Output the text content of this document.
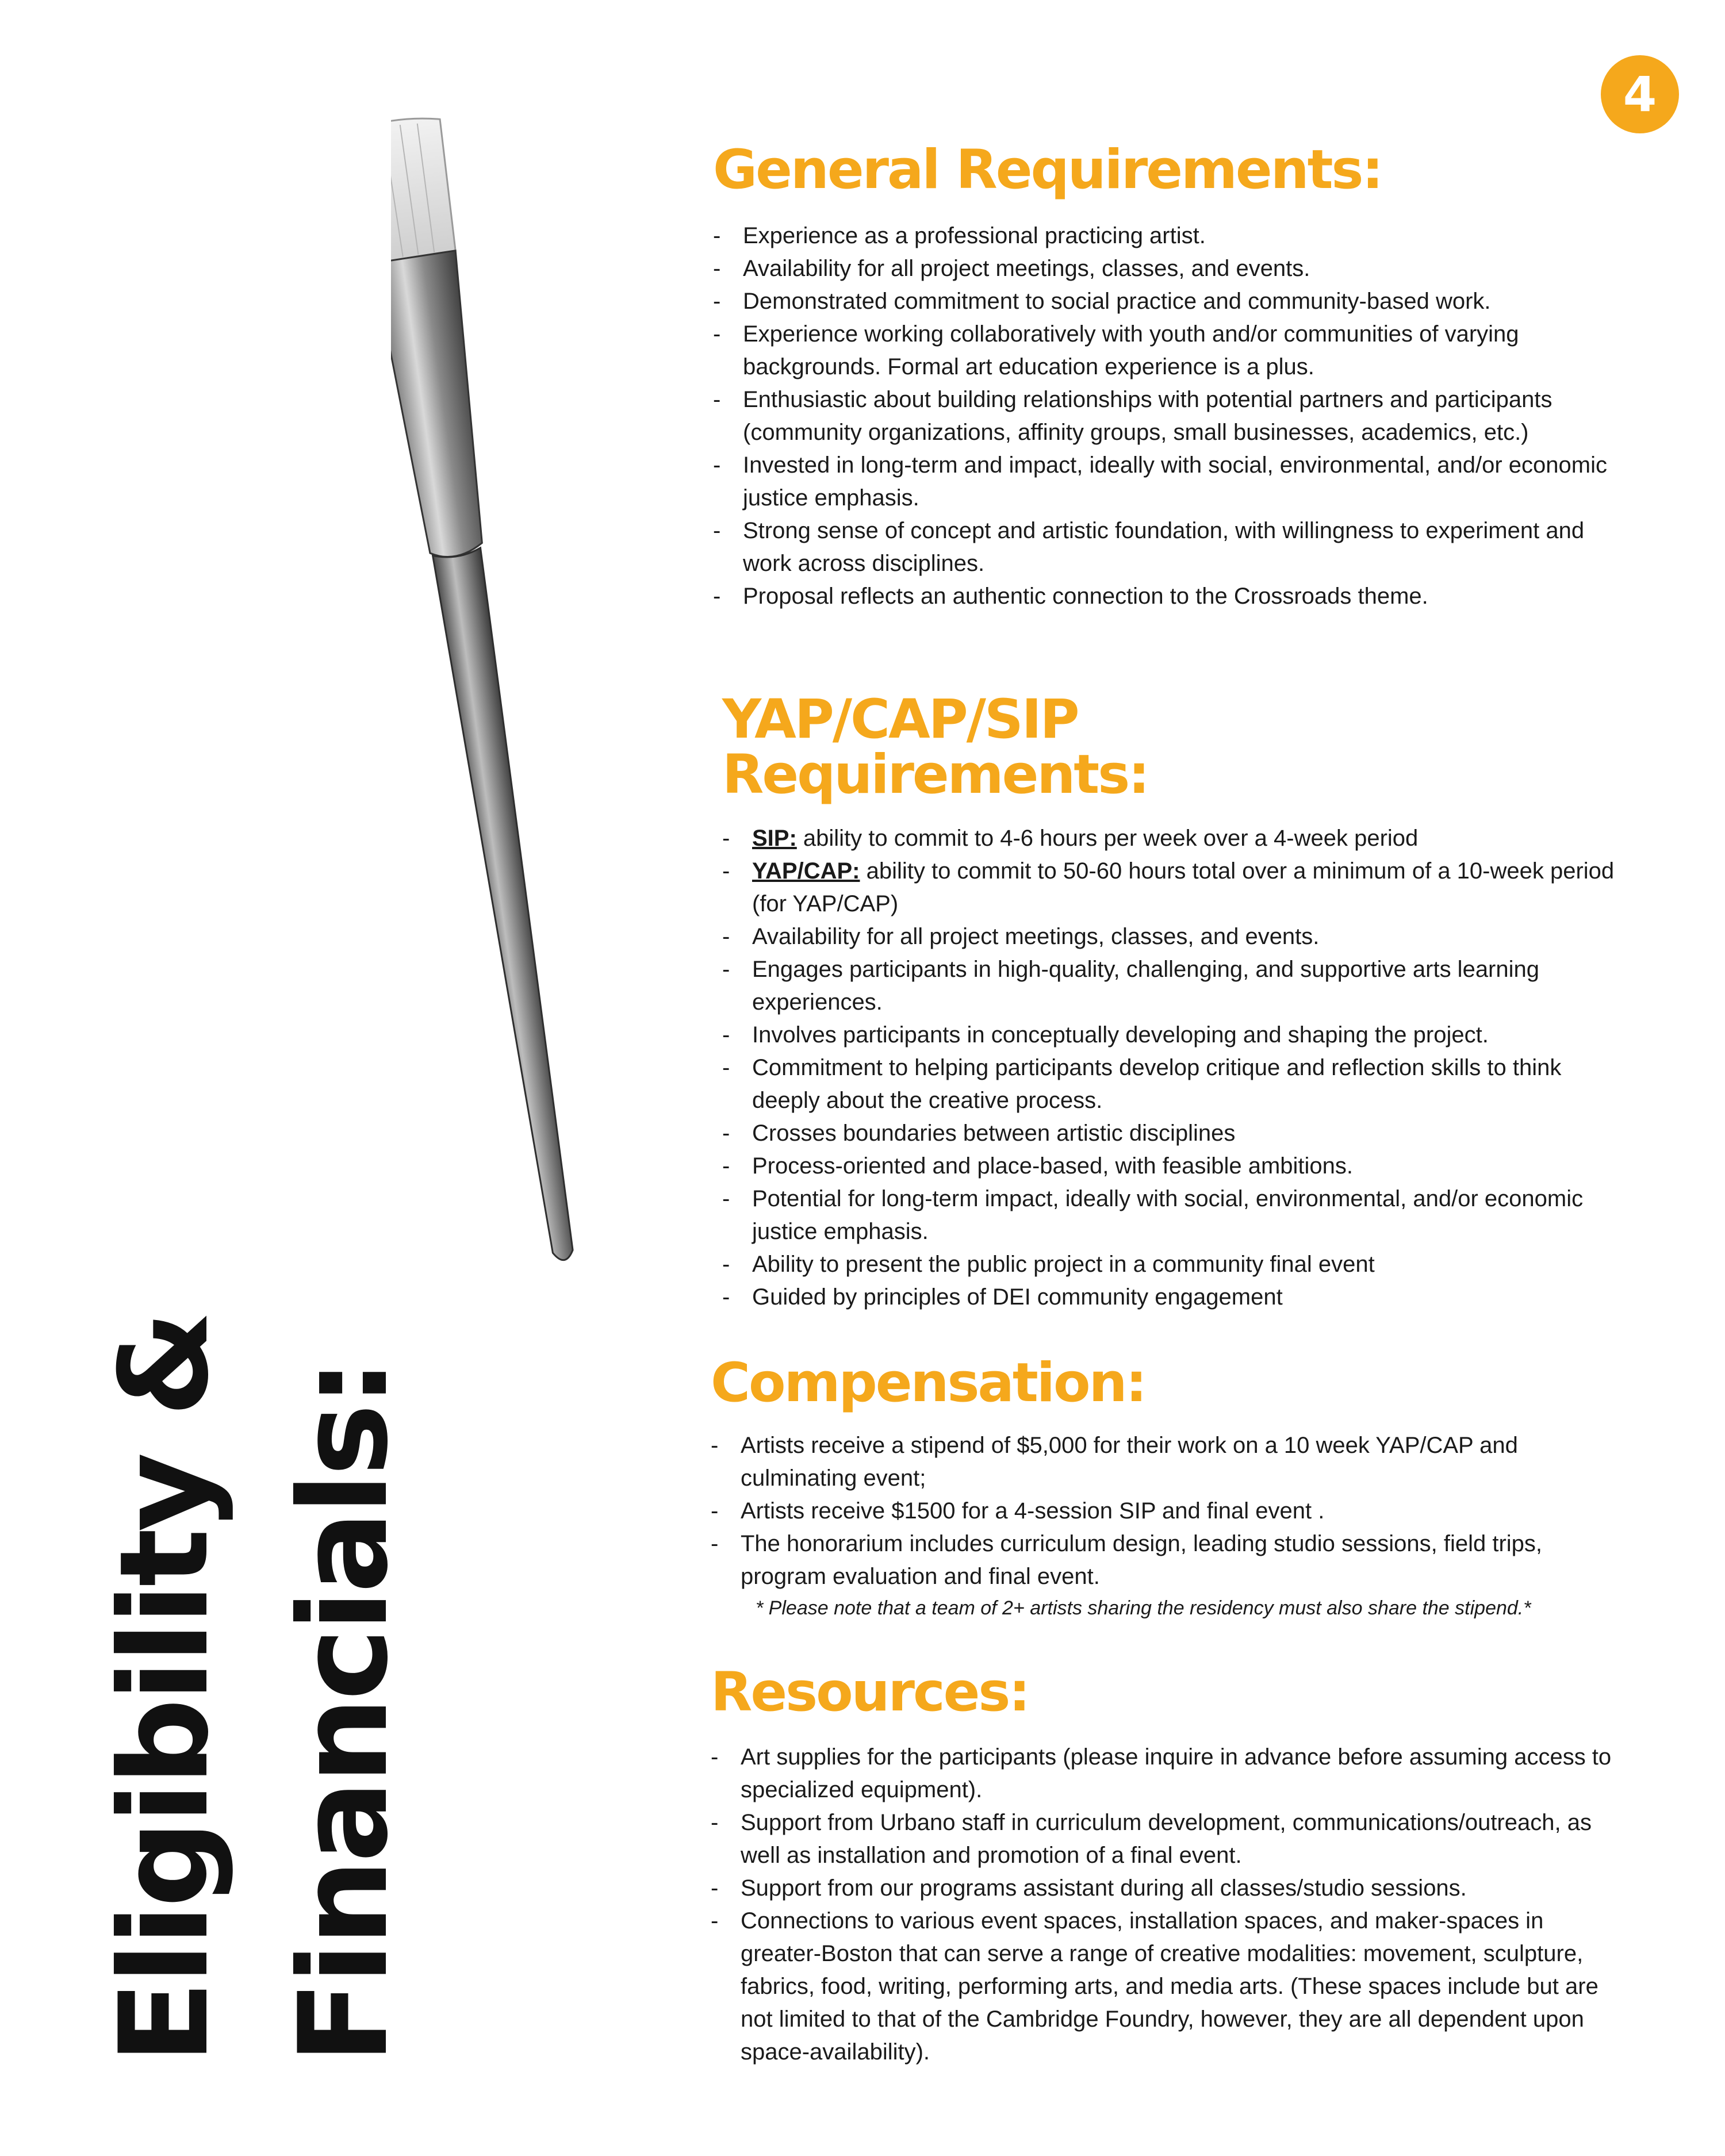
4
Eligibility & Financials:
General Requirements:
- Experience as a professional practicing artist.
- Availability for all project meetings, classes, and events.
- Demonstrated commitment to social practice and community-based work.
- Experience working collaboratively with youth and/or communities of varying backgrounds. Formal art education experience is a plus.
- Enthusiastic about building relationships with potential partners and participants (community organizations, affinity groups, small businesses, academics, etc.)
- Invested in long-term and impact, ideally with social, environmental, and/or economic justice emphasis.
- Strong sense of concept and artistic foundation, with willingness to experiment and work across disciplines.
- Proposal reflects an authentic connection to the Crossroads theme.
YAP/CAP/SIP
Requirements:
- SIP: ability to commit to 4-6 hours per week over a 4-week period
- YAP/CAP: ability to commit to 50-60 hours total over a minimum of a 10-week period (for YAP/CAP)
- Availability for all project meetings, classes, and events.
- Engages participants in high-quality, challenging, and supportive arts learning experiences.
- Involves participants in conceptually developing and shaping the project.
- Commitment to helping participants develop critique and reflection skills to think deeply about the creative process.
- Crosses boundaries between artistic disciplines
- Process-oriented and place-based, with feasible ambitions.
- Potential for long-term impact, ideally with social, environmental, and/or economic justice emphasis.
- Ability to present the public project in a community final event
- Guided by principles of DEI community engagement
Compensation:
- Artists receive a stipend of $5,000 for their work on a 10 week YAP/CAP and culminating event;
- Artists receive $1500 for a 4-session SIP and final event .
- The honorarium includes curriculum design, leading studio sessions, field trips, program evaluation and final event.
* Please note that a team of 2+ artists sharing the residency must also share the stipend.*
Resources:
- Art supplies for the participants (please inquire in advance before assuming access to specialized equipment).
- Support from Urbano staff in curriculum development, communications/outreach, as well as installation and promotion of a final event.
- Support from our programs assistant during all classes/studio sessions.
- Connections to various event spaces, installation spaces, and maker-spaces in greater-Boston that can serve a range of creative modalities: movement, sculpture, fabrics, food, writing, performing arts, and media arts. (These spaces include but are not limited to that of the Cambridge Foundry, however, they are all dependent upon space-availability).
